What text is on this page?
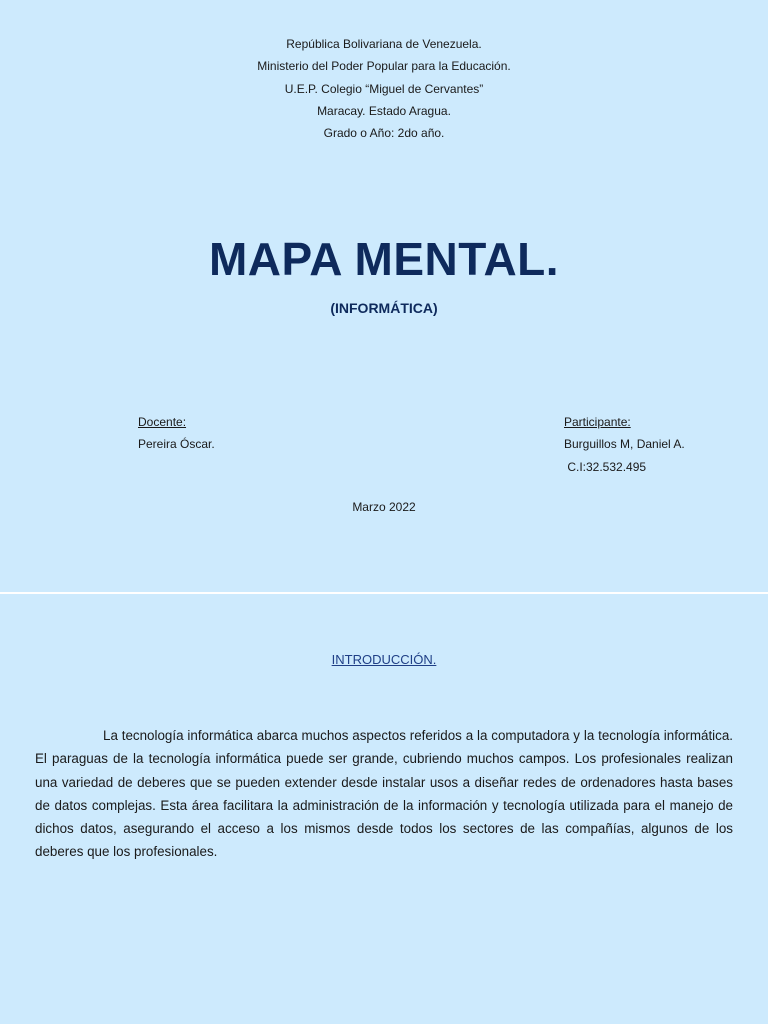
República Bolivariana de Venezuela.
Ministerio del Poder Popular para la Educación.
U.E.P. Colegio “Miguel de Cervantes”
Maracay. Estado Aragua.
Grado o Año: 2do año.
MAPA MENTAL.
(INFORMÁTICA)
Docente:
Pereira Óscar.
Participante:
Burguillos M, Daniel A.
C.I:32.532.495
Marzo 2022
INTRODUCCIÓN.

La tecnología informática abarca muchos aspectos referidos a la computadora y la tecnología informática. El paraguas de la tecnología informática puede ser grande, cubriendo muchos campos. Los profesionales realizan una variedad de deberes que se pueden extender desde instalar usos a diseñar redes de ordenadores hasta bases de datos complejas. Esta área facilitara la administración de la información y tecnología utilizada para el manejo de dichos datos, asegurando el acceso a los mismos desde todos los sectores de las compañías, algunos de los deberes que los profesionales.
